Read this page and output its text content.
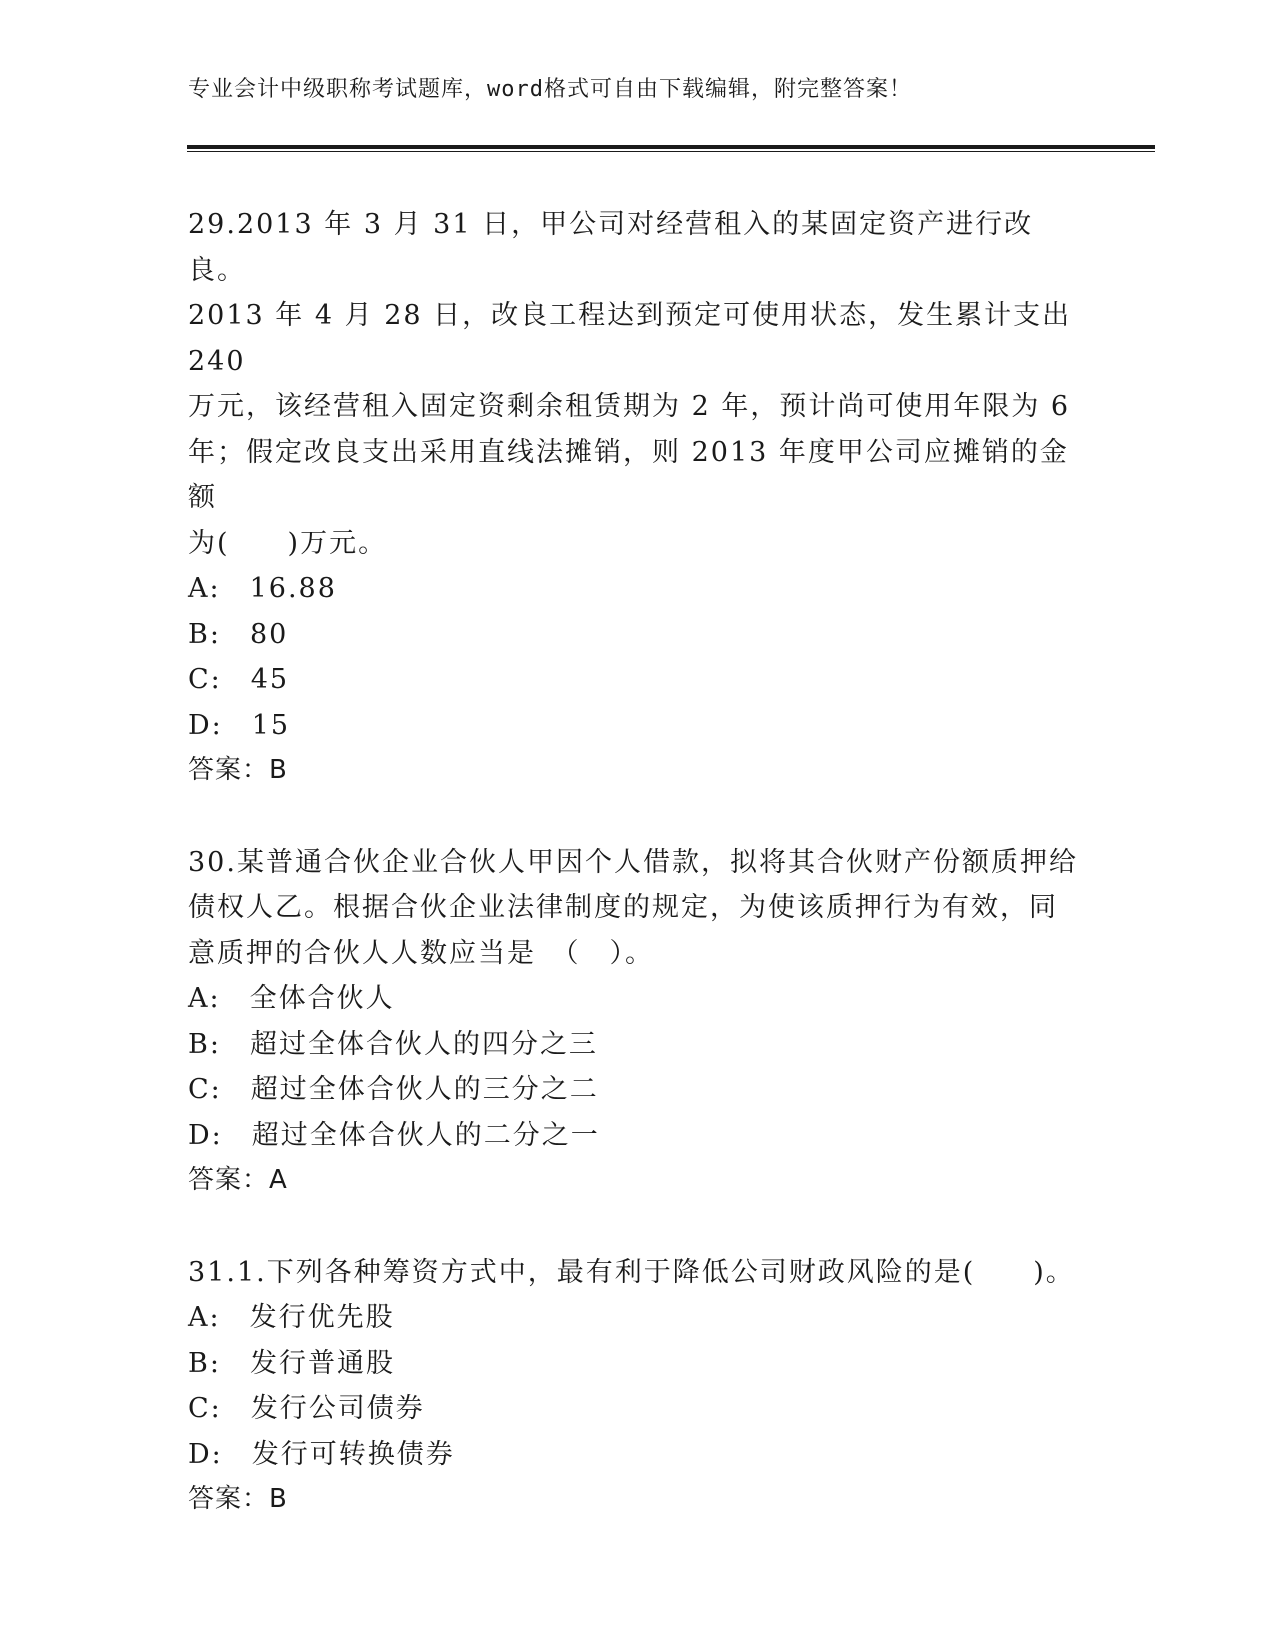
专业会计中级职称考试题库，word格式可自由下载编辑，附完整答案！

29.2013 年 3 月 31 日，甲公司对经营租入的某固定资产进行改良。

2013 年 4 月 28 日，改良工程达到预定可使用状态，发生累计支出 240

万元，该经营租入固定资剩余租赁期为 2 年，预计尚可使用年限为 6

年；假定改良支出采用直线法摊销，则 2013 年度甲公司应摊销的金额

为(　　)万元。

A:　16.88

B:　80

C:　45

D:　15

答案：B

30.某普通合伙企业合伙人甲因个人借款，拟将其合伙财产份额质押给

债权人乙。根据合伙企业法律制度的规定，为使该质押行为有效，同

意质押的合伙人人数应当是　（　）。

A:　全体合伙人

B:　超过全体合伙人的四分之三

C:　超过全体合伙人的三分之二

D:　超过全体合伙人的二分之一

答案：A

31.1.下列各种筹资方式中，最有利于降低公司财政风险的是(　　)。

A:　发行优先股

B:　发行普通股

C:　发行公司债券

D:　发行可转换债券

答案：B
